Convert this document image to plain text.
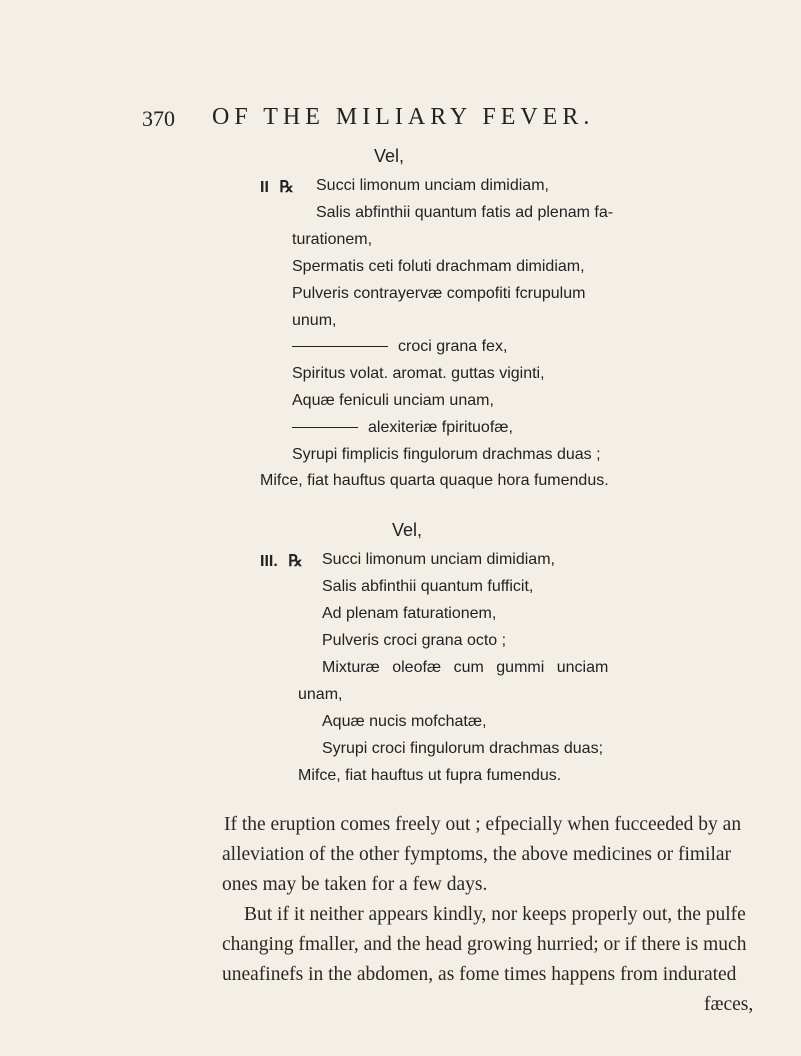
370 OF THE MILIARY FEVER.
Vel,
II ℞ Succi limonum unciam dimidiam,
Salis abfinthii quantum fatis ad plenam fa-
turationem,
Spermatis ceti foluti drachmam dimidiam,
Pulveris contrayervæ compofiti fcrupulum
unum,
croci grana fex,
Spiritus volat. aromat. guttas viginti,
Aquæ feniculi unciam unam,
alexiteriæ fpirituofæ,
Syrupi fimplicis fingulorum drachmas duas ;
Mifce, fiat hauftus quarta quaque hora fumendus.
Vel,
III. ℞ Succi limonum unciam dimidiam,
Salis abfinthii quantum fufficit,
Ad plenam faturationem,
Pulveris croci grana octo ;
Mixturæ oleofæ cum gummi unciam
unam,
Aquæ nucis mofchatæ,
Syrupi croci fingulorum drachmas duas;
Mifce, fiat hauftus ut fupra fumendus.
If the eruption comes freely out ; efpecially when fucceeded by an
alleviation of the other fymptoms, the above medicines or fimilar
ones may be taken for a few days.
But if it neither appears kindly, nor keeps properly out, the pulfe
changing fmaller, and the head growing hurried; or if there is much
uneafinefs in the abdomen, as fome times happens from indurated
fæces,
